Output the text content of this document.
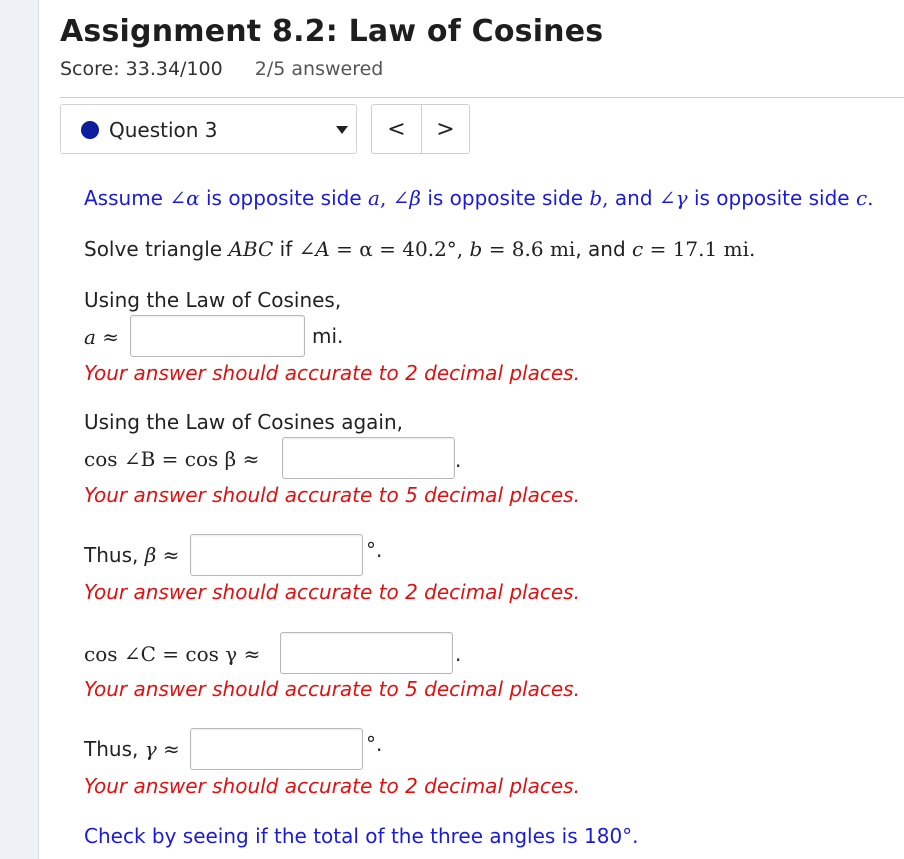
Assignment 8.2: Law of Cosines
Score: 33.34/100 2/5 answered
Question 3	<	>
Assume ∠α is opposite side a, ∠β is opposite side b, and ∠γ is opposite side c.
Solve triangle ABC if ∠A = α = 40.2°, b = 8.6 mi, and c = 17.1 mi.
Using the Law of Cosines,
a ≈	mi.
Your answer should accurate to 2 decimal places.
Using the Law of Cosines again,
cos ∠B = cos β ≈	.
Your answer should accurate to 5 decimal places.
Thus, β ≈	°.
Your answer should accurate to 2 decimal places.
cos ∠C = cos γ ≈	.
Your answer should accurate to 5 decimal places.
Thus, γ ≈	°.
Your answer should accurate to 2 decimal places.
Check by seeing if the total of the three angles is 180°.
